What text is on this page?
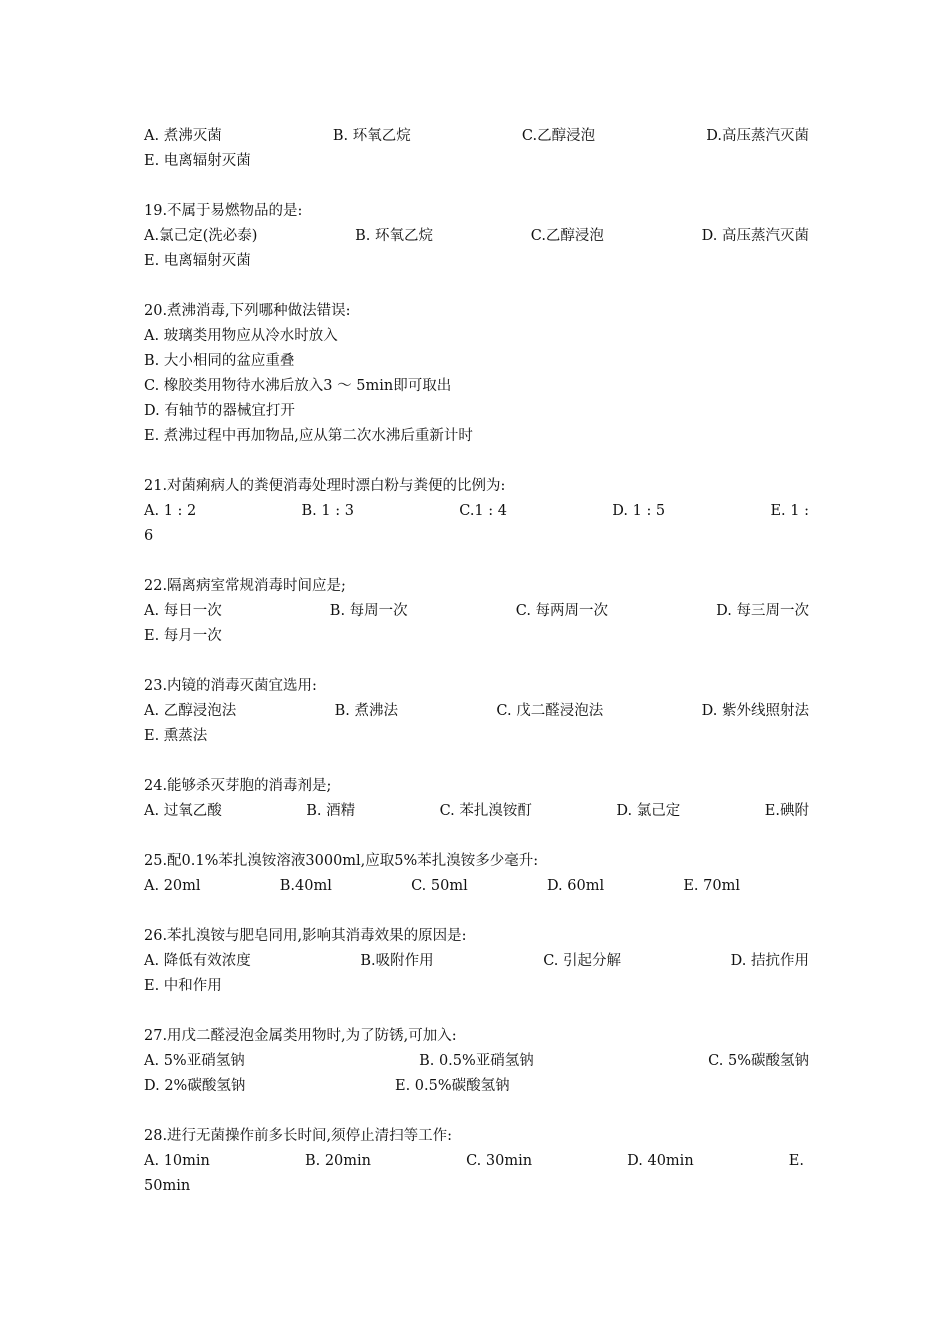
A. 煮沸灭菌	B. 环氧乙烷	C.乙醇浸泡	D.高压蒸汽灭菌
E. 电离辐射灭菌
19.不属于易燃物品的是:
A.氯己定(洗必泰)	B. 环氧乙烷	C.乙醇浸泡	D. 高压蒸汽灭菌
E. 电离辐射灭菌
20.煮沸消毒,下列哪种做法错误:
A. 玻璃类用物应从冷水时放入
B. 大小相同的盆应重叠
C. 橡胶类用物待水沸后放入3 ～ 5min即可取出
D. 有轴节的器械宜打开
E. 煮沸过程中再加物品,应从第二次水沸后重新计时
21.对菌痢病人的粪便消毒处理时漂白粉与粪便的比例为:
A. 1 : 2	B. 1 : 3	C.1 : 4	D. 1 : 5	E. 1 :
6
22.隔离病室常规消毒时间应是;
A. 每日一次	B. 每周一次	C. 每两周一次	D. 每三周一次
E. 每月一次
23.内镜的消毒灭菌宜选用:
A. 乙醇浸泡法	B. 煮沸法	C. 戊二醛浸泡法	D. 紫外线照射法
E. 熏蒸法
24.能够杀灭芽胞的消毒剂是;
A. 过氧乙酸	B. 酒精	C. 苯扎溴铵酊	D. 氯己定	E.碘附
25.配0.1%苯扎溴铵溶液3000ml,应取5%苯扎溴铵多少毫升:
A. 20ml	B.40ml	C. 50ml	D. 60ml	E. 70ml
26.苯扎溴铵与肥皂同用,影响其消毒效果的原因是:
A. 降低有效浓度	B.吸附作用	C. 引起分解	D. 拮抗作用
E. 中和作用
27.用戊二醛浸泡金属类用物时,为了防锈,可加入:
A. 5%亚硝氢钠	B. 0.5%亚硝氢钠	C. 5%碳酸氢钠
D. 2%碳酸氢钠	E. 0.5%碳酸氢钠
28.进行无菌操作前多长时间,须停止清扫等工作:
A. 10min	B. 20min	C. 30min	D. 40min	E.
50min
